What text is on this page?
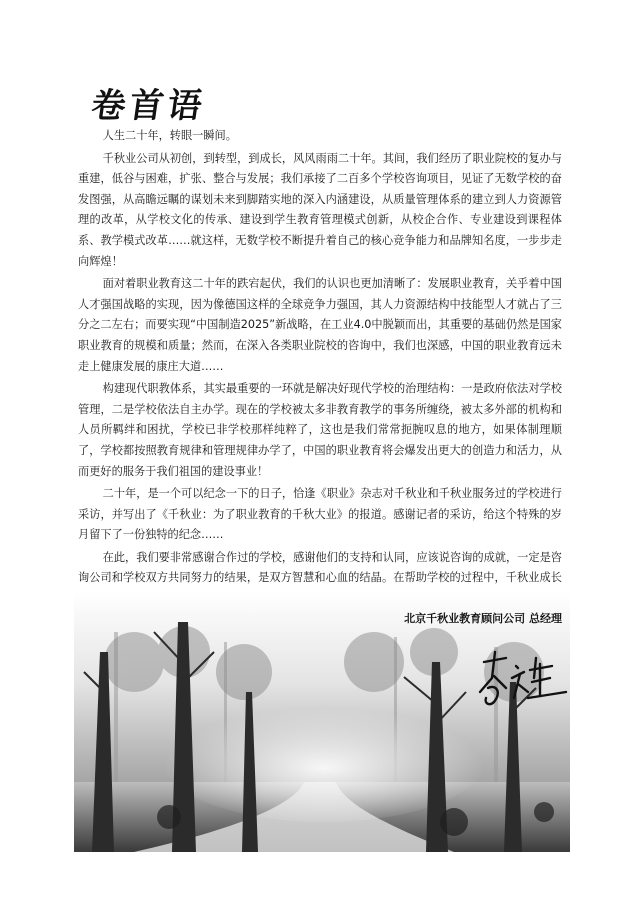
卷首语

人生二十年，转眼一瞬间。

千秋业公司从初创，到转型，到成长，风风雨雨二十年。其间，我们经历了职业院校的复办与重建，低谷与困难，扩张、整合与发展；我们承接了二百多个学校咨询项目，见证了无数学校的奋发图强，从高瞻远瞩的谋划未来到脚踏实地的深入内涵建设，从质量管理体系的建立到人力资源管理的改革，从学校文化的传承、建设到学生教育管理模式创新，从校企合作、专业建设到课程体系、教学模式改革……就这样，无数学校不断提升着自己的核心竞争能力和品牌知名度，一步步走向辉煌！

面对着职业教育这二十年的跌宕起伏，我们的认识也更加清晰了：发展职业教育，关乎着中国人才强国战略的实现，因为像德国这样的全球竞争力强国，其人力资源结构中技能型人才就占了三分之二左右；而要实现“中国制造2025”新战略，在工业4.0中脱颖而出，其重要的基础仍然是国家职业教育的规模和质量；然而，在深入各类职业院校的咨询中，我们也深感，中国的职业教育远未走上健康发展的康庄大道……

构建现代职教体系，其实最重要的一环就是解决好现代学校的治理结构：一是政府依法对学校管理，二是学校依法自主办学。现在的学校被太多非教育教学的事务所缠绕，被太多外部的机构和人员所羁绊和困扰，学校已非学校那样纯粹了，这也是我们常常扼腕叹息的地方，如果体制理顺了，学校都按照教育规律和管理规律办学了，中国的职业教育将会爆发出更大的创造力和活力，从而更好的服务于我们祖国的建设事业！

二十年，是一个可以纪念一下的日子，恰逢《职业》杂志对千秋业和千秋业服务过的学校进行采访，并写出了《千秋业：为了职业教育的千秋大业》的报道。感谢记者的采访，给这个特殊的岁月留下了一份独特的纪念……

在此，我们要非常感谢合作过的学校，感谢他们的支持和认同，应该说咨询的成就，一定是咨询公司和学校双方共同努力的结果，是双方智慧和心血的结晶。在帮助学校的过程中，千秋业成长

北京千秋业教育顾问公司 总经理
